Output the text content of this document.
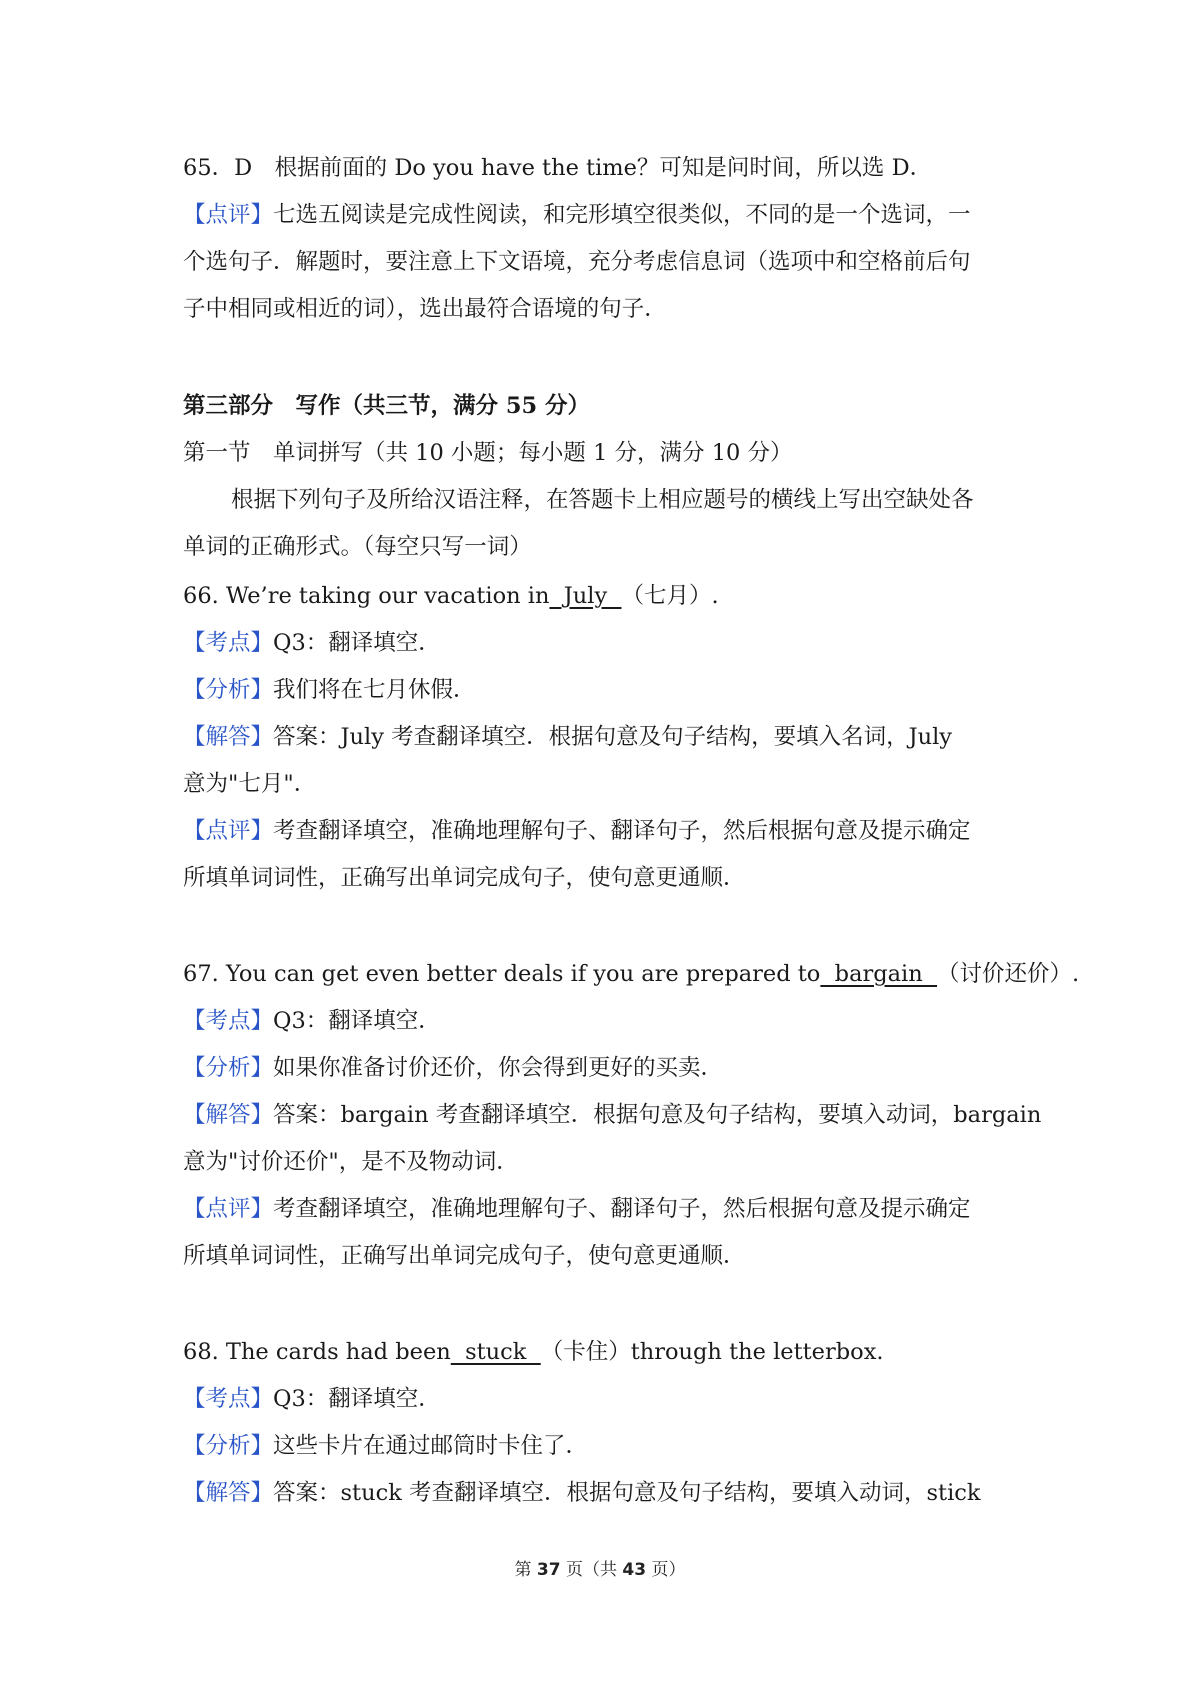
65．D　根据前面的 Do you have the time？可知是问时间，所以选 D．
【点评】七选五阅读是完成性阅读，和完形填空很类似，不同的是一个选词，一
个选句子．解题时，要注意上下文语境，充分考虑信息词（选项中和空格前后句
子中相同或相近的词），选出最符合语境的句子．
第三部分　写作（共三节，满分 55 分）
第一节　单词拼写（共 10 小题；每小题 1 分，满分 10 分）
根据下列句子及所给汉语注释，在答题卡上相应题号的横线上写出空缺处各
单词的正确形式。（每空只写一词）
66. We’re taking our vacation in  July  （七月）.
【考点】Q3：翻译填空．
【分析】我们将在七月休假．
【解答】答案：July 考查翻译填空．根据句意及句子结构，要填入名词，July
意为"七月"．
【点评】考查翻译填空，准确地理解句子、翻译句子，然后根据句意及提示确定
所填单词词性，正确写出单词完成句子，使句意更通顺．
67. You can get even better deals if you are prepared to  bargain  （讨价还价）.
【考点】Q3：翻译填空．
【分析】如果你准备讨价还价，你会得到更好的买卖．
【解答】答案：bargain 考查翻译填空．根据句意及句子结构，要填入动词，bargain
意为"讨价还价"，是不及物动词．
【点评】考查翻译填空，准确地理解句子、翻译句子，然后根据句意及提示确定
所填单词词性，正确写出单词完成句子，使句意更通顺．
68. The cards had been  stuck  （卡住）through the letterbox.
【考点】Q3：翻译填空．
【分析】这些卡片在通过邮筒时卡住了．
【解答】答案：stuck 考查翻译填空．根据句意及句子结构，要填入动词，stick
第 37 页（共 43 页）
